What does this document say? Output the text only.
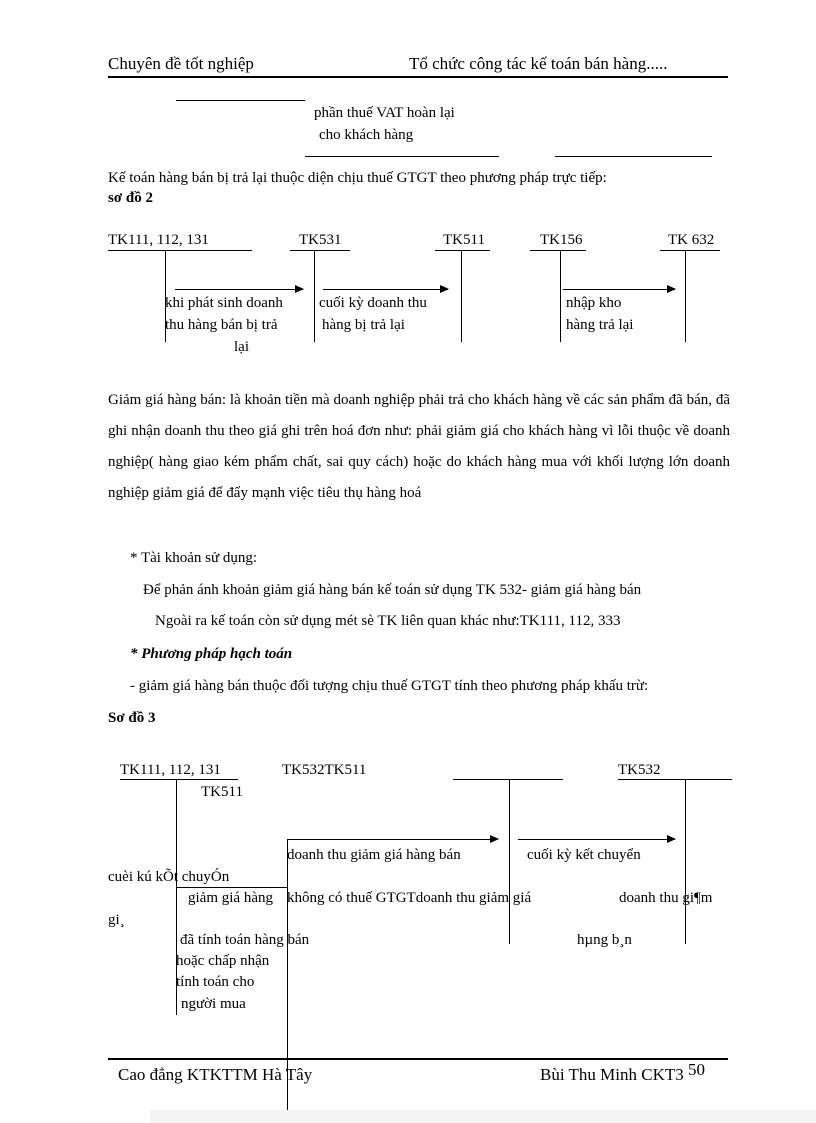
Chuyên đề tốt nghiệp	Tổ chức công tác kế toán bán hàng.....
phần thuế VAT hoàn lại
cho khách hàng
Kế toán hàng bán bị trả lại thuộc diện chịu thuế GTGT theo phương pháp trực tiếp:
sơ đồ 2
TK111, 112, 131	TK531	TK511	TK156	TK 632
khi phát sinh doanh
thu hàng bán bị trả
lại
cuối kỳ doanh thu
hàng bị trả lại
nhập kho
hàng trả lại
Giảm giá hàng bán: là khoản tiền mà doanh nghiệp phải trả cho khách hàng về các sản phẩm đã bán, đã ghi nhận doanh thu theo giá ghi trên hoá đơn như: phải giảm giá cho khách hàng vì lỗi thuộc về doanh nghiệp( hàng giao kém phẩm chất, sai quy cách) hoặc do khách hàng mua với khối lượng lớn doanh nghiệp giảm giá để đẩy mạnh việc tiêu thụ hàng hoá
* Tài khoản sử dụng:
Để phản ánh khoản giảm giá hàng bán kế toán sử dụng TK 532- giảm giá hàng bán
Ngoài ra kế toán còn sử dụng mét sè TK liên quan khác như:TK111, 112, 333
* Phương pháp hạch toán
- giảm giá hàng bán thuộc đối tượng chịu thuế GTGT tính theo phương pháp khấu trừ:
Sơ đồ 3
TK111, 112, 131	TK532TK511	TK532
TK511
doanh thu giảm giá hàng bán	cuối kỳ kết chuyển
cuèi kú kÕt chuyÓn
giảm giá hàng không có thuế GTGTdoanh thu giảm giá	doanh thu gi¶m
gi¸
đã tính toán hàng bán	hµng b¸n
hoặc chấp nhận
tính toán cho
người mua
Cao đẳng KTKTTM Hà Tây	Bùi Thu Minh CKT3 50
